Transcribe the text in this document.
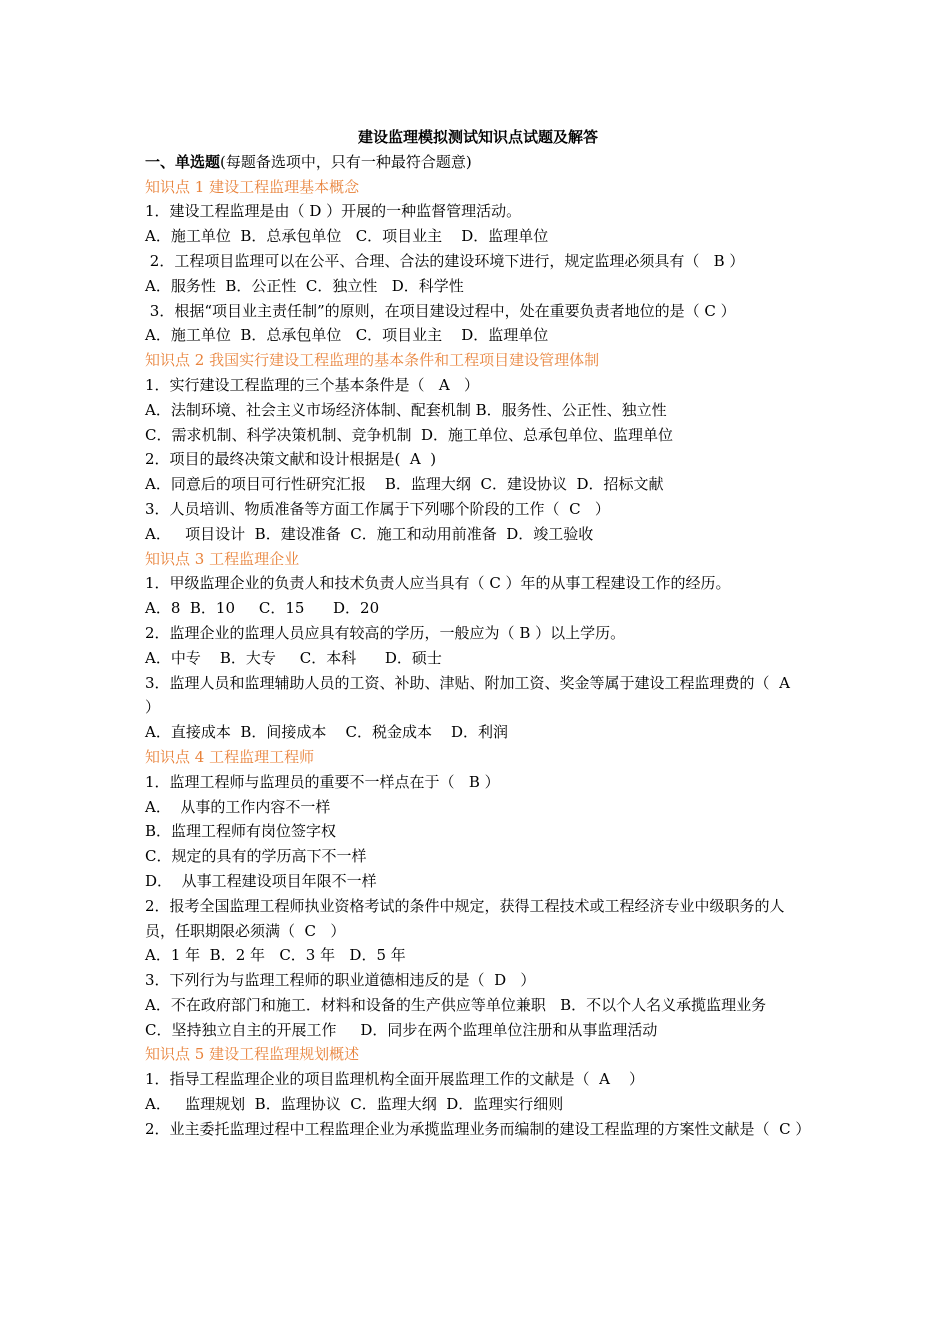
建设监理模拟测试知识点试题及解答
一、单选题(每题备选项中，只有一种最符合题意)
知识点 1 建设工程监理基本概念
1．建设工程监理是由（ D ）开展的一种监督管理活动。
A．施工单位  B．总承包单位   C．项目业主    D．监理单位
2．工程项目监理可以在公平、合理、合法的建设环境下进行，规定监理必须具有（   B ）
A．服务性  B．公正性  C．独立性   D．科学性
3．根据“项目业主责任制”的原则，在项目建设过程中，处在重要负责者地位的是（ C ）
A．施工单位  B．总承包单位   C．项目业主    D．监理单位
知识点 2 我国实行建设工程监理的基本条件和工程项目建设管理体制
1．实行建设工程监理的三个基本条件是（   A   ）
A．法制环境、社会主义市场经济体制、配套机制 B．服务性、公正性、独立性
C．需求机制、科学决策机制、竞争机制  D．施工单位、总承包单位、监理单位
2．项目的最终决策文献和设计根据是(  A  )
A．同意后的项目可行性研究汇报    B．监理大纲  C．建设协议  D．招标文献
3．人员培训、物质准备等方面工作属于下列哪个阶段的工作（  C   ）
A．   项目设计  B．建设准备  C．施工和动用前准备  D．竣工验收
知识点 3 工程监理企业
1．甲级监理企业的负责人和技术负责人应当具有（ C ）年的从事工程建设工作的经历。
A．8  B．10     C．15      D．20
2．监理企业的监理人员应具有较高的学历，一般应为（ B ）以上学历。
A．中专    B．大专     C．本科      D．硕士
3．监理人员和监理辅助人员的工资、补助、津贴、附加工资、奖金等属于建设工程监理费的（  A   ）
A．直接成本  B．间接成本    C．税金成本    D．利润
知识点 4 工程监理工程师
1．监理工程师与监理员的重要不一样点在于（   B ）
A．  从事的工作内容不一样
B．监理工程师有岗位签字权
C．规定的具有的学历高下不一样
D．  从事工程建设项目年限不一样
2．报考全国监理工程师执业资格考试的条件中规定，获得工程技术或工程经济专业中级职务的人员，任职期限必须满（  C   ）
A．1 年  B．2 年   C．3 年   D．5 年
3．下列行为与监理工程师的职业道德相违反的是（  D   ）
A．不在政府部门和施工．材料和设备的生产供应等单位兼职   B．不以个人名义承揽监理业务
C．坚持独立自主的开展工作     D．同步在两个监理单位注册和从事监理活动
知识点 5 建设工程监理规划概述
1．指导工程监理企业的项目监理机构全面开展监理工作的文献是（  A    ）
A．   监理规划  B．监理协议  C．监理大纲  D．监理实行细则
2．业主委托监理过程中工程监理企业为承揽监理业务而编制的建设工程监理的方案性文献是（  C ）
